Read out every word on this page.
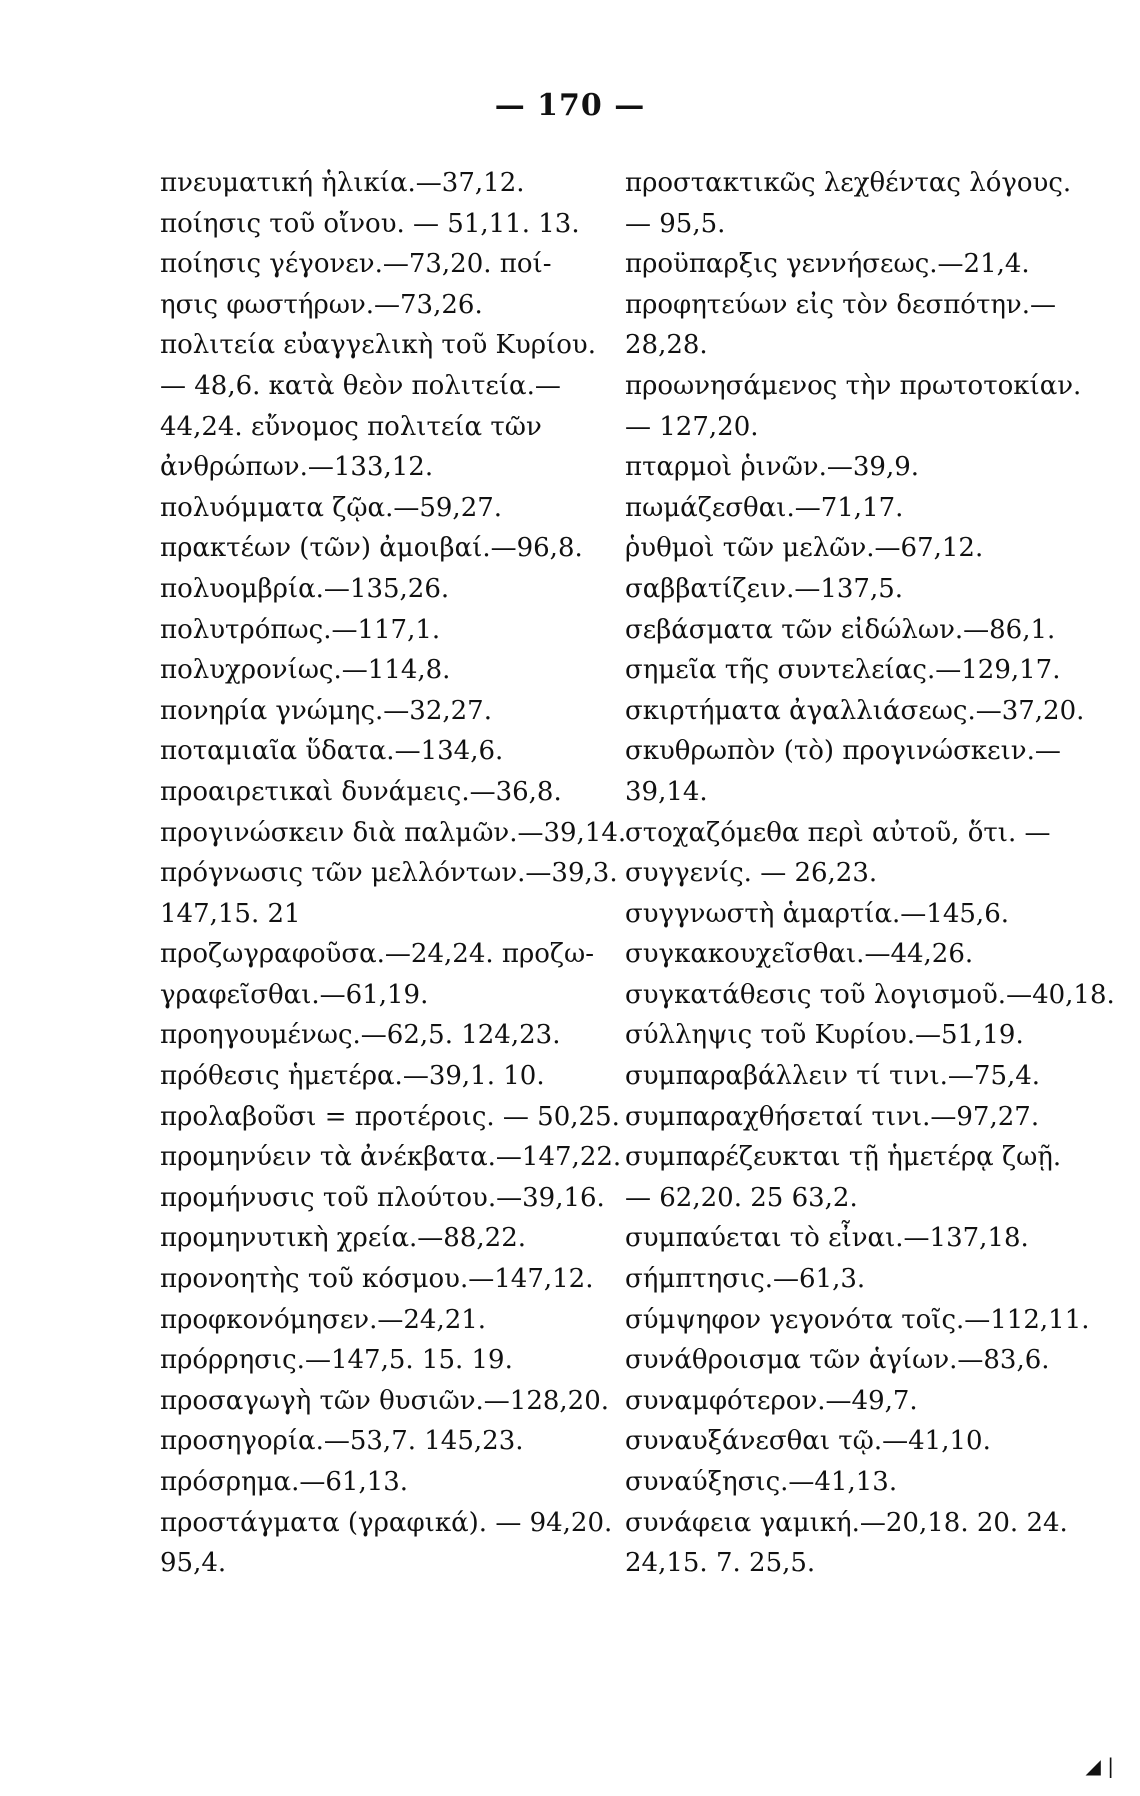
— 170 —
πνευματική ἡλικία.—37,12.
ποίησις τοῦ οἴνου. — 51,11. 13.
ποίησις γέγονεν.—73,20. ποί-
ησις φωστήρων.—73,26.
πολιτεία εὐαγγελικὴ τοῦ Κυρίου.
— 48,6. κατὰ θεὸν πολιτεία.—
44,24. εὔνομος πολιτεία τῶν
ἀνθρώπων.—133,12.
πολυόμματα ζῷα.—59,27.
πρακτέων (τῶν) ἀμοιβαί.—96,8.
πολυομβρία.—135,26.
πολυτρόπως.—117,1.
πολυχρονίως.—114,8.
πονηρία γνώμης.—32,27.
ποταμιαῖα ὕδατα.—134,6.
προαιρετικαὶ δυνάμεις.—36,8.
προγινώσκειν διὰ παλμῶν.—39,14.
πρόγνωσις τῶν μελλόντων.—39,3.
147,15. 21
προζωγραφοῦσα.—24,24. προζω-
γραφεῖσθαι.—61,19.
προηγουμένως.—62,5. 124,23.
πρόθεσις ἡμετέρα.—39,1. 10.
προλαβοῦσι = προτέροις. — 50,25.
προμηνύειν τὰ ἀνέκβατα.—147,22.
προμήνυσις τοῦ πλούτου.—39,16.
προμηνυτικὴ χρεία.—88,22.
προνοητὴς τοῦ κόσμου.—147,12.
προφκονόμησεν.—24,21.
πρόρρησις.—147,5. 15. 19.
προσαγωγὴ τῶν θυσιῶν.—128,20.
προσηγορία.—53,7. 145,23.
πρόσρημα.—61,13.
προστάγματα (γραφικά). — 94,20.
95,4.
προστακτικῶς λεχθέντας λόγους.
— 95,5.
προϋπαρξις γεννήσεως.—21,4.
προφητεύων εἰς τὸν δεσπότην.—
28,28.
προωνησάμενος τὴν πρωτοτοκίαν.
— 127,20.
πταρμοὶ ῥινῶν.—39,9.
πωμάζεσθαι.—71,17.
ῥυθμοὶ τῶν μελῶν.—67,12.
σαββατίζειν.—137,5.
σεβάσματα τῶν εἰδώλων.—86,1.
σημεῖα τῆς συντελείας.—129,17.
σκιρτήματα ἀγαλλιάσεως.—37,20.
σκυθρωπὸν (τὸ) προγινώσκειν.—
39,14.
στοχαζόμεθα περὶ αὐτοῦ, ὅτι. —
συγγενίς. — 26,23.
συγγνωστὴ ἁμαρτία.—145,6.
συγκακουχεῖσθαι.—44,26.
συγκατάθεσις τοῦ λογισμοῦ.—40,18.
σύλληψις τοῦ Κυρίου.—51,19.
συμπαραβάλλειν τί τινι.—75,4.
συμπαραχθήσεταί τινι.—97,27.
συμπαρέζευκται τῇ ἡμετέρᾳ ζωῇ.
— 62,20. 25 63,2.
συμπαύεται τὸ εἶναι.—137,18.
σήμπτησις.—61,3.
σύμψηφον γεγονότα τοῖς.—112,11.
συνάθροισμα τῶν ἁγίων.—83,6.
συναμφότερον.—49,7.
συναυξάνεσθαι τῷ.—41,10.
συναύξησις.—41,13.
συνάφεια γαμική.—20,18. 20. 24.
24,15. 7. 25,5.
◢ |
